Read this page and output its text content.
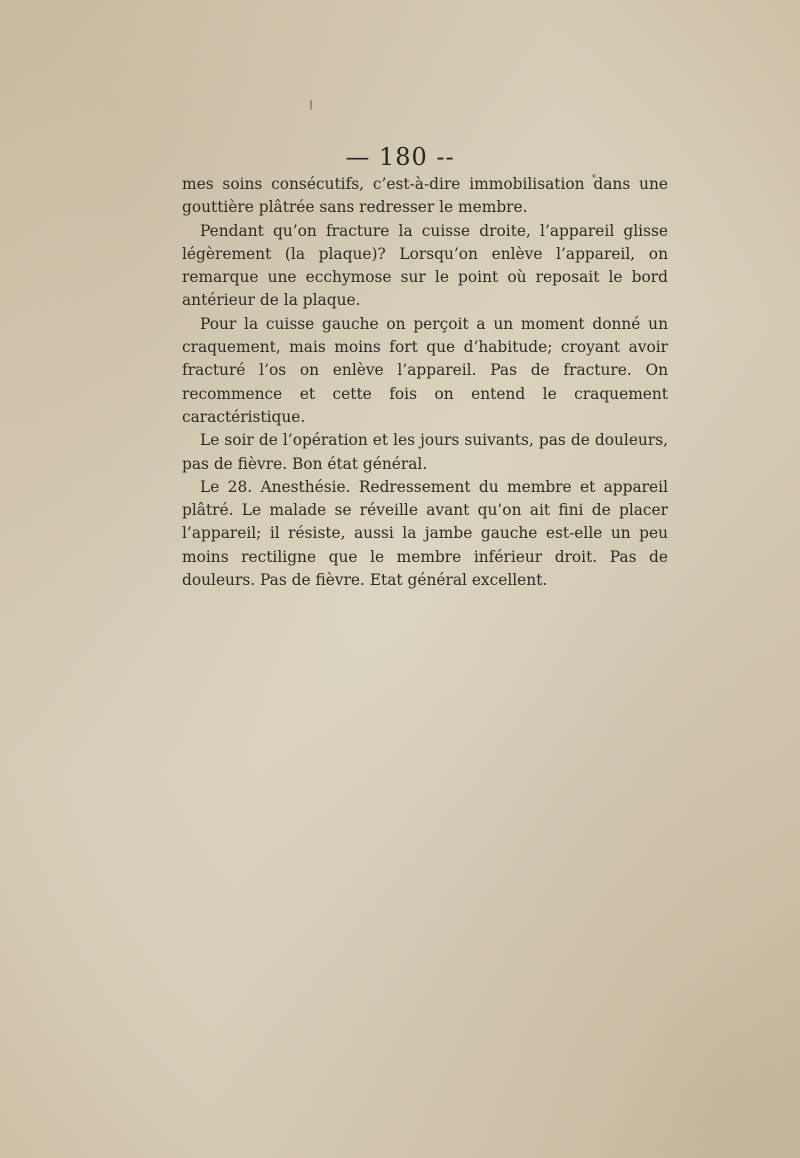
— 180 --

mes soins consécutifs, c’est-à-dire immobilisation dans une gouttière plâtrée sans redresser le membre.

Pendant qu’on fracture la cuisse droite, l’appareil glisse légèrement (la plaque)? Lorsqu’on enlève l’appareil, on remarque une ecchymose sur le point où reposait le bord antérieur de la plaque.

Pour la cuisse gauche on perçoit a un moment donné un craquement, mais moins fort que d’habitude; croyant avoir fracturé l’os on enlève l’appareil. Pas de fracture. On recommence et cette fois on entend le craquement caractéristique.

Le soir de l’opération et les jours suivants, pas de douleurs, pas de fièvre. Bon état général.

Le 28. Anesthésie. Redressement du membre et appareil plâtré. Le malade se réveille avant qu’on ait fini de placer l’appareil; il résiste, aussi la jambe gauche est-elle un peu moins rectiligne que le membre inférieur droit. Pas de douleurs. Pas de fièvre. Etat général excellent.
